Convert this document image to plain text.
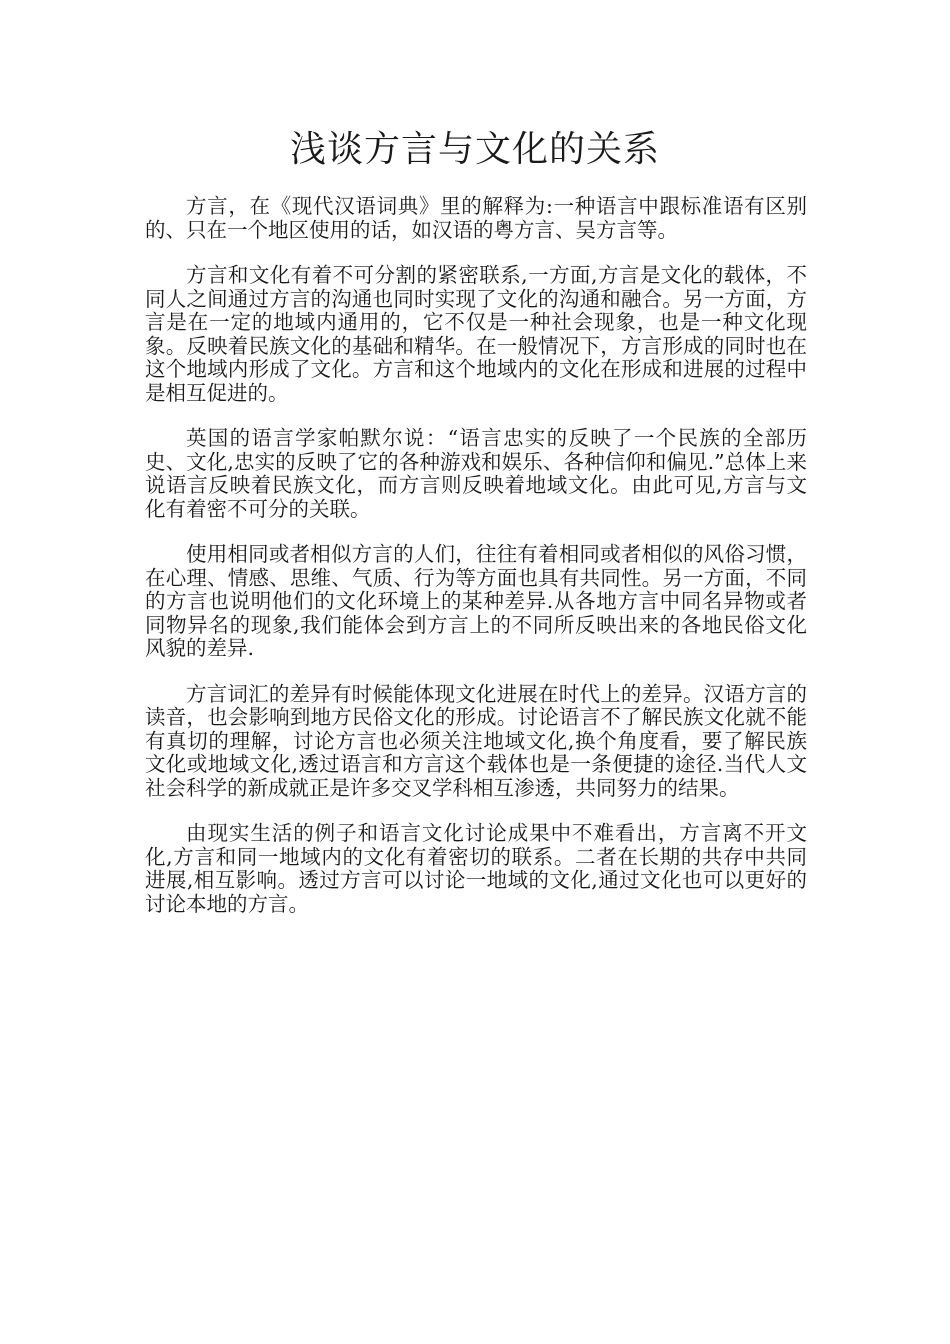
浅谈方言与文化的关系

方言，在《现代汉语词典》里的解释为:一种语言中跟标准语有区别的、只在一个地区使用的话，如汉语的粤方言、吴方言等。

方言和文化有着不可分割的紧密联系,一方面,方言是文化的载体，不同人之间通过方言的沟通也同时实现了文化的沟通和融合。另一方面，方言是在一定的地域内通用的，它不仅是一种社会现象，也是一种文化现象。反映着民族文化的基础和精华。在一般情况下，方言形成的同时也在这个地域内形成了文化。方言和这个地域内的文化在形成和进展的过程中是相互促进的。

英国的语言学家帕默尔说：“语言忠实的反映了一个民族的全部历史、文化,忠实的反映了它的各种游戏和娱乐、各种信仰和偏见.”总体上来说语言反映着民族文化，而方言则反映着地域文化。由此可见,方言与文化有着密不可分的关联。

使用相同或者相似方言的人们，往往有着相同或者相似的风俗习惯，在心理、情感、思维、气质、行为等方面也具有共同性。另一方面，不同的方言也说明他们的文化环境上的某种差异.从各地方言中同名异物或者同物异名的现象,我们能体会到方言上的不同所反映出来的各地民俗文化风貌的差异.

方言词汇的差异有时候能体现文化进展在时代上的差异。汉语方言的读音，也会影响到地方民俗文化的形成。讨论语言不了解民族文化就不能有真切的理解，讨论方言也必须关注地域文化,换个角度看，要了解民族文化或地域文化,透过语言和方言这个载体也是一条便捷的途径.当代人文社会科学的新成就正是许多交叉学科相互渗透，共同努力的结果。

由现实生活的例子和语言文化讨论成果中不难看出，方言离不开文化,方言和同一地域内的文化有着密切的联系。二者在长期的共存中共同进展,相互影响。透过方言可以讨论一地域的文化,通过文化也可以更好的讨论本地的方言。
